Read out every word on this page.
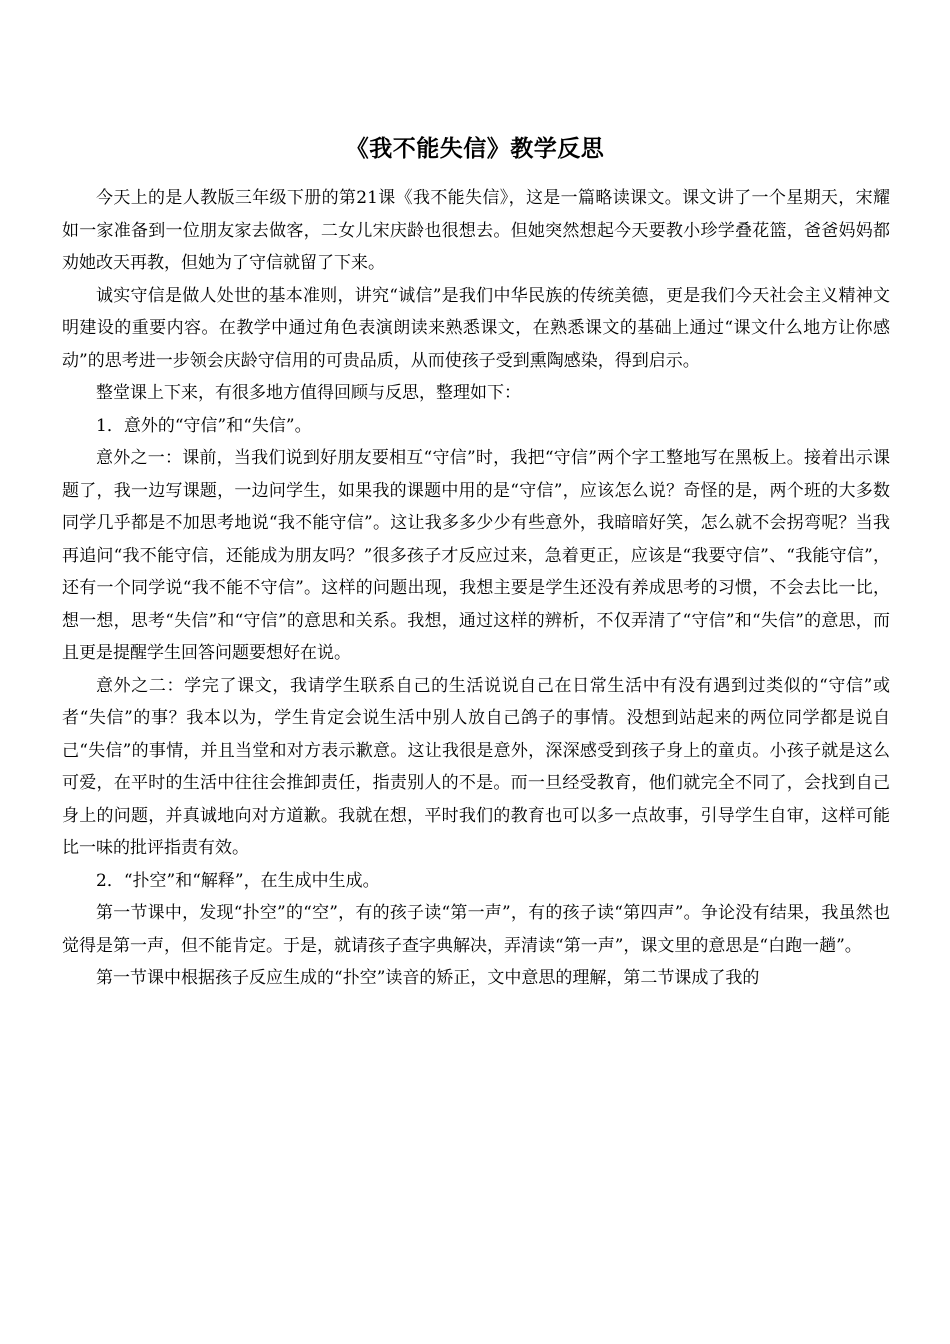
《我不能失信》教学反思

今天上的是人教版三年级下册的第21课《我不能失信》，这是一篇略读课文。课文讲了一个星期天，宋耀如一家准备到一位朋友家去做客，二女儿宋庆龄也很想去。但她突然想起今天要教小珍学叠花篮，爸爸妈妈都劝她改天再教，但她为了守信就留了下来。

诚实守信是做人处世的基本准则，讲究“诚信”是我们中华民族的传统美德，更是我们今天社会主义精神文明建设的重要内容。在教学中通过角色表演朗读来熟悉课文，在熟悉课文的基础上通过“课文什么地方让你感动”的思考进一步领会庆龄守信用的可贵品质，从而使孩子受到熏陶感染，得到启示。

整堂课上下来，有很多地方值得回顾与反思，整理如下：

1．意外的“守信”和“失信”。

意外之一：课前，当我们说到好朋友要相互“守信”时，我把“守信”两个字工整地写在黑板上。接着出示课题了，我一边写课题，一边问学生，如果我的课题中用的是“守信”，应该怎么说？奇怪的是，两个班的大多数同学几乎都是不加思考地说“我不能守信”。这让我多多少少有些意外，我暗暗好笑，怎么就不会拐弯呢？当我再追问“我不能守信，还能成为朋友吗？”很多孩子才反应过来，急着更正，应该是“我要守信”、“我能守信”，还有一个同学说“我不能不守信”。这样的问题出现，我想主要是学生还没有养成思考的习惯，不会去比一比，想一想，思考“失信”和“守信”的意思和关系。我想，通过这样的辨析，不仅弄清了“守信”和“失信”的意思，而且更是提醒学生回答问题要想好在说。

意外之二：学完了课文，我请学生联系自己的生活说说自己在日常生活中有没有遇到过类似的“守信”或者“失信”的事？我本以为，学生肯定会说生活中别人放自己鸽子的事情。没想到站起来的两位同学都是说自己“失信”的事情，并且当堂和对方表示歉意。这让我很是意外，深深感受到孩子身上的童贞。小孩子就是这么可爱，在平时的生活中往往会推卸责任，指责别人的不是。而一旦经受教育，他们就完全不同了，会找到自己身上的问题，并真诚地向对方道歉。我就在想，平时我们的教育也可以多一点故事，引导学生自审，这样可能比一味的批评指责有效。

2．“扑空”和“解释”，在生成中生成。

第一节课中，发现“扑空”的“空”，有的孩子读“第一声”，有的孩子读“第四声”。争论没有结果，我虽然也觉得是第一声，但不能肯定。于是，就请孩子查字典解决，弄清读“第一声”，课文里的意思是“白跑一趟”。

第一节课中根据孩子反应生成的“扑空”读音的矫正，文中意思的理解，第二节课成了我的
